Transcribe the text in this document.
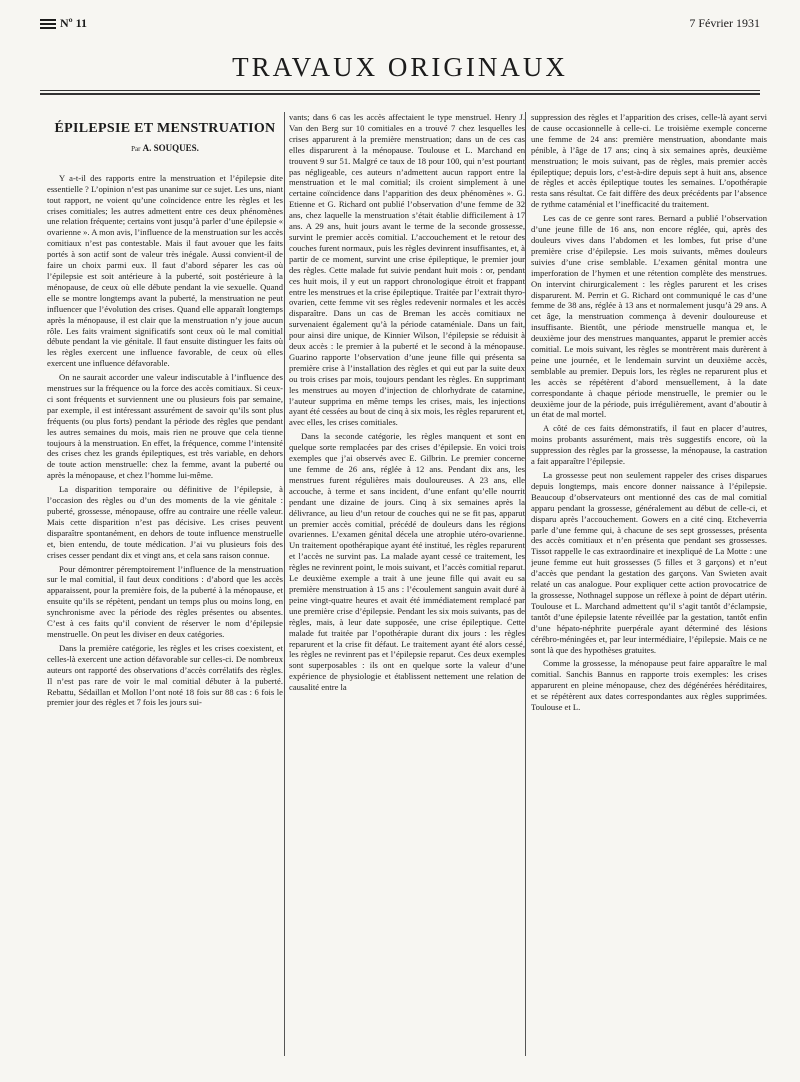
Nº 11	7 Février 1931
TRAVAUX ORIGINAUX
ÉPILEPSIE ET MENSTRUATION
Par A. SOUQUES.

Y a-t-il des rapports entre la menstruation et l’épilepsie dite essentielle ? L’opinion n’est pas unanime sur ce sujet. Les uns, niant tout rapport, ne voient qu’une coïncidence entre les règles et les crises comitiales; les autres admettent entre ces deux phénomènes une relation fréquente; certains vont jusqu’à parler d’une épilepsie « ovarienne ». A mon avis, l’influence de la menstruation sur les accès comitiaux n’est pas contestable. Mais il faut avouer que les faits portés à son actif sont de valeur très inégale. Aussi convient-il de faire un choix parmi eux. Il faut d’abord séparer les cas où l’épilepsie est soit antérieure à la puberté, soit postérieure à la ménopause, de ceux où elle débute pendant la vie sexuelle. Quand elle se montre longtemps avant la puberté, la menstruation ne peut influencer que l’évolution des crises. Quand elle apparaît longtemps après la ménopause, il est clair que la menstruation n’y joue aucun rôle. Les faits vraiment significatifs sont ceux où le mal comitial débute pendant la vie génitale. Il faut ensuite distinguer les faits où les règles exercent une influence favorable, de ceux où elles exercent une influence défavorable.

On ne saurait accorder une valeur indiscutable à l’influence des menstrues sur la fréquence ou la force des accès comitiaux. Si ceux-ci sont fréquents et surviennent une ou plusieurs fois par semaine, par exemple, il est intéressant assurément de savoir qu’ils sont plus fréquents (ou plus forts) pendant la période des règles que pendant les autres semaines du mois, mais rien ne prouve que cela tienne toujours à la menstruation. En effet, la fréquence, comme l’intensité des crises chez les grands épileptiques, est très variable, en dehors de toute action menstruelle: chez la femme, avant la puberté ou après la ménopause, et chez l’homme lui-même.

La disparition temporaire ou définitive de l’épilepsie, à l’occasion des règles ou d’un des moments de la vie génitale : puberté, grossesse, ménopause, offre au contraire une réelle valeur. Mais cette disparition n’est pas décisive. Les crises peuvent disparaître spontanément, en dehors de toute influence menstruelle et, bien entendu, de toute médication. J’ai vu plusieurs fois des crises cesser pendant dix et vingt ans, et cela sans raison connue.

Pour démontrer péremptoirement l’influence de la menstruation sur le mal comitial, il faut deux conditions : d’abord que les accès apparaissent, pour la première fois, de la puberté à la ménopause, et ensuite qu’ils se répètent, pendant un temps plus ou moins long, en synchronisme avec la période des règles présentes ou absentes. C’est à ces faits qu’il convient de réserver le nom d’épilepsie menstruelle. On peut les diviser en deux catégories.

Dans la première catégorie, les règles et les crises coexistent, et celles-là exercent une action défavorable sur celles-ci. De nombreux auteurs ont rapporté des observations d’accès corrélatifs des règles. Il n’est pas rare de voir le mal comitial débuter à la puberté. Rebattu, Sédaillan et Mollon l’ont noté 18 fois sur 88 cas : 6 fois le premier jour des règles et 7 fois les jours sui-

vants; dans 6 cas les accès affectaient le type menstruel. Henry J. Van den Berg sur 10 comitiales en a trouvé 7 chez lesquelles les crises apparurent à la première menstruation; dans un de ces cas elles disparurent à la ménopause. Toulouse et L. Marchand en trouvent 9 sur 51. Malgré ce taux de 18 pour 100, qui n’est pourtant pas négligeable, ces auteurs n’admettent aucun rapport entre la menstruation et le mal comitial; ils croient simplement à une certaine coïncidence dans l’apparition des deux phénomènes ». G. Etienne et G. Richard ont publié l’observation d’une femme de 32 ans, chez laquelle la menstruation s’était établie difficilement à 17 ans. A 29 ans, huit jours avant le terme de la seconde grossesse, survint le premier accès comitial. L’accouchement et le retour des couches furent normaux, puis les règles devinrent insuffisantes, et, à partir de ce moment, survint une crise épileptique, le premier jour des règles. Cette malade fut suivie pendant huit mois : or, pendant ces huit mois, il y eut un rapport chronologique étroit et frappant entre les menstrues et la crise épileptique. Traitée par l’extrait thyro-ovarien, cette femme vit ses règles redevenir normales et les accès disparaître. Dans un cas de Breman les accès comitiaux ne survenaient également qu’à la période cataméniale. Dans un fait, pour ainsi dire unique, de Kinnier Wilson, l’épilepsie se réduisit à deux accès : le premier à la puberté et le second à la ménopause. Guarino rapporte l’observation d’une jeune fille qui présenta sa première crise à l’installation des règles et qui eut par la suite deux ou trois crises par mois, toujours pendant les règles. En supprimant les menstrues au moyen d’injection de chlorhydrate de catarnine, l’auteur supprima en même temps les crises, mais, les injections ayant été cessées au bout de cinq à six mois, les règles reparurent et, avec elles, les crises comitiales.

Dans la seconde catégorie, les règles manquent et sont en quelque sorte remplacées par des crises d’épilepsie. En voici trois exemples que j’ai observés avec E. Gilbrin. Le premier concerne une femme de 26 ans, réglée à 12 ans. Pendant dix ans, les menstrues furent régulières mais douloureuses. A 23 ans, elle accouche, à terme et sans incident, d’une enfant qu’elle nourrit pendant une dizaine de jours. Cinq à six semaines après la délivrance, au lieu d’un retour de couches qui ne se fit pas, apparut un premier accès comitial, précédé de douleurs dans les régions ovariennes. L’examen génital décela une atrophie utéro-ovarienne. Un traitement opothérapique ayant été institué, les règles reparurent et l’accès ne survint pas. La malade ayant cessé ce traitement, les règles ne revinrent point, le mois suivant, et l’accès comitial reparut. Le deuxième exemple a trait à une jeune fille qui avait eu sa première menstruation à 15 ans : l’écoulement sanguin avait duré à peine vingt-quatre heures et avait été immédiatement remplacé par une première crise d’épilepsie. Pendant les six mois suivants, pas de règles, mais, à leur date supposée, une crise épileptique. Cette malade fut traitée par l’opothérapie durant dix jours : les règles reparurent et la crise fit défaut. Le traitement ayant été alors cessé, les règles ne revinrent pas et l’épilepsie reparut. Ces deux exemples sont superposables : ils ont en quelque sorte la valeur d’une expérience de physiologie et établissent nettement une relation de causalité entre la

suppression des règles et l’apparition des crises, celle-là ayant servi de cause occasionnelle à celle-ci. Le troisième exemple concerne une femme de 24 ans: première menstruation, abondante mais pénible, à l’âge de 17 ans; cinq à six semaines après, deuxième menstruation; le mois suivant, pas de règles, mais premier accès épileptique; depuis lors, c’est-à-dire depuis sept à huit ans, absence de règles et accès épileptique toutes les semaines. L’opothérapie resta sans résultat. Ce fait diffère des deux précédents par l’absence de rythme cataménial et l’inefficacité du traitement.

Les cas de ce genre sont rares. Bernard a publié l’observation d’une jeune fille de 16 ans, non encore réglée, qui, après des douleurs vives dans l’abdomen et les lombes, fut prise d’une première crise d’épilepsie. Les mois suivants, mêmes douleurs suivies d’une crise semblable. L’examen génital montra une imperforation de l’hymen et une rétention complète des menstrues. On intervint chirurgicalement : les règles parurent et les crises disparurent. M. Perrin et G. Richard ont communiqué le cas d’une femme de 38 ans, réglée à 13 ans et normalement jusqu’à 29 ans. A cet âge, la menstruation commença à devenir douloureuse et insuffisante. Bientôt, une période menstruelle manqua et, le deuxième jour des menstrues manquantes, apparut le premier accès comitial. Le mois suivant, les règles se montrèrent mais durèrent à peine une journée, et le lendemain survint un deuxième accès, semblable au premier. Depuis lors, les règles ne reparurent plus et les accès se répétèrent d’abord mensuellement, à la date correspondante à chaque période menstruelle, le premier ou le deuxième jour de la période, puis irrégulièrement, avant d’aboutir à un état de mal mortel.

A côté de ces faits démonstratifs, il faut en placer d’autres, moins probants assurément, mais très suggestifs encore, où la suppression des règles par la grossesse, la ménopause, la castration a fait apparaître l’épilepsie.

La grossesse peut non seulement rappeler des crises disparues depuis longtemps, mais encore donner naissance à l’épilepsie. Beaucoup d’observateurs ont mentionné des cas de mal comitial apparu pendant la grossesse, généralement au début de celle-ci, et disparu après l’accouchement. Gowers en a cité cinq. Etcheverria parle d’une femme qui, à chacune de ses sept grossesses, présenta des accès comitiaux et n’en présenta que pendant ses grossesses. Tissot rappelle le cas extraordinaire et inexpliqué de La Motte : une jeune femme eut huit grossesses (5 filles et 3 garçons) et n’eut d’accès que pendant la gestation des garçons. Van Swieten avait relaté un cas analogue. Pour expliquer cette action provocatrice de la grossesse, Nothnagel suppose un réflexe à point de départ utérin. Toulouse et L. Marchand admettent qu’il s’agit tantôt d’éclampsie, tantôt d’une épilepsie latente réveillée par la gestation, tantôt enfin d’une hépato-néphrite puerpérale ayant déterminé des lésions cérébro-méningées et, par leur intermédiaire, l’épilepsie. Mais ce ne sont là que des hypothèses gratuites.

Comme la grossesse, la ménopause peut faire apparaître le mal comitial. Sanchis Bannus en rapporte trois exemples: les crises apparurent en pleine ménopause, chez des dégénérées héréditaires, et se répétèrent aux dates correspondantes aux règles supprimées. Toulouse et L.
